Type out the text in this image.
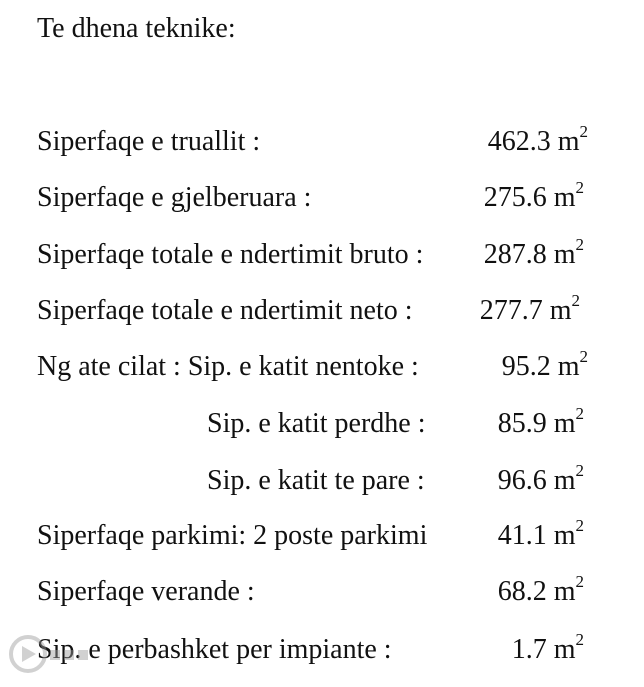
Te dhena teknike:
Siperfaqe e truallit :	462.3 $m^2$
Siperfaqe e gjelberuara :	275.6 $m^2$
Siperfaqe totale e ndertimit bruto : 287.8 $m^2$
Siperfaqe totale e ndertimit neto : 277.7 $m^2$
Ng ate cilat : Sip. e katit nentoke :	95.2 $m^2$
Sip. e katit perdhe :	85.9 $m^2$
Sip. e katit te pare :	96.6 $m^2$
Siperfaqe parkimi: 2 poste parkimi	41.1 $m^2$
Siperfaqe verande :	68.2 $m^2$
Sip. e perbashket per impiante :	1.7 $m^2$
